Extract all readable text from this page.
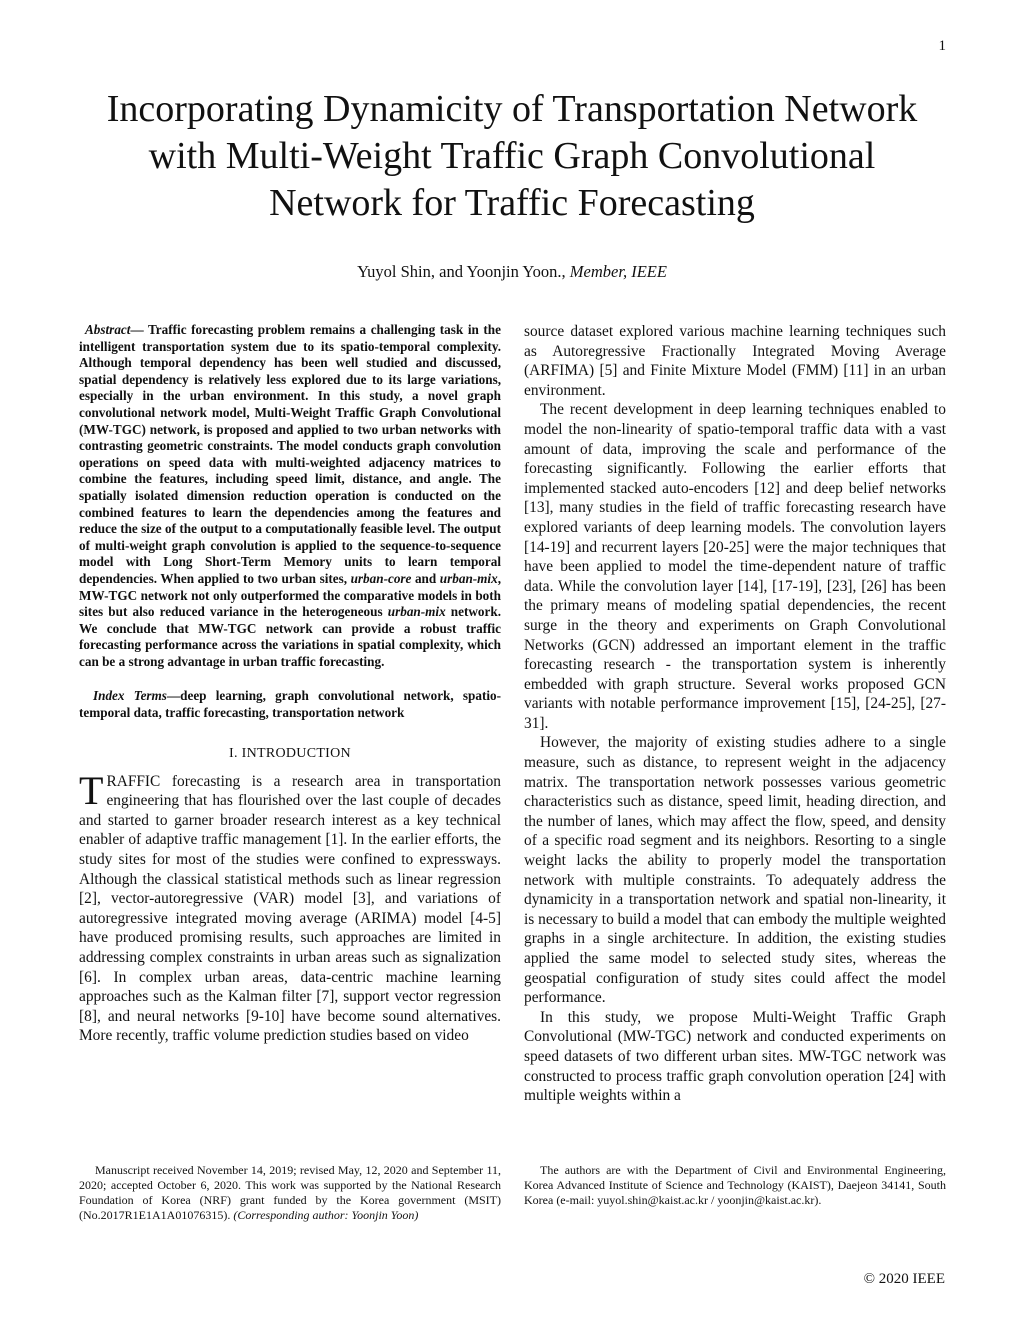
1
Incorporating Dynamicity of Transportation Network with Multi-Weight Traffic Graph Convolutional Network for Traffic Forecasting
Yuyol Shin, and Yoonjin Yoon., Member, IEEE

Abstract— Traffic forecasting problem remains a challenging task in the intelligent transportation system due to its spatio-temporal complexity. Although temporal dependency has been well studied and discussed, spatial dependency is relatively less explored due to its large variations, especially in the urban environment. In this study, a novel graph convolutional network model, Multi-Weight Traffic Graph Convolutional (MW-TGC) network, is proposed and applied to two urban networks with contrasting geometric constraints. The model conducts graph convolution operations on speed data with multi-weighted adjacency matrices to combine the features, including speed limit, distance, and angle. The spatially isolated dimension reduction operation is conducted on the combined features to learn the dependencies among the features and reduce the size of the output to a computationally feasible level. The output of multi-weight graph convolution is applied to the sequence-to-sequence model with Long Short-Term Memory units to learn temporal dependencies. When applied to two urban sites, urban-core and urban-mix, MW-TGC network not only outperformed the comparative models in both sites but also reduced variance in the heterogeneous urban-mix network. We conclude that MW-TGC network can provide a robust traffic forecasting performance across the variations in spatial complexity, which can be a strong advantage in urban traffic forecasting.

Index Terms—deep learning, graph convolutional network, spatio-temporal data, traffic forecasting, transportation network

I. INTRODUCTION

TRAFFIC forecasting is a research area in transportation engineering that has flourished over the last couple of decades and started to garner broader research interest as a key technical enabler of adaptive traffic management [1]. In the earlier efforts, the study sites for most of the studies were confined to expressways. Although the classical statistical methods such as linear regression [2], vector-autoregressive (VAR) model [3], and variations of autoregressive integrated moving average (ARIMA) model [4-5] have produced promising results, such approaches are limited in addressing complex constraints in urban areas such as signalization [6]. In complex urban areas, data-centric machine learning approaches such as the Kalman filter [7], support vector regression [8], and neural networks [9-10] have become sound alternatives. More recently, traffic volume prediction studies based on video

source dataset explored various machine learning techniques such as Autoregressive Fractionally Integrated Moving Average (ARFIMA) [5] and Finite Mixture Model (FMM) [11] in an urban environment.

The recent development in deep learning techniques enabled to model the non-linearity of spatio-temporal traffic data with a vast amount of data, improving the scale and performance of the forecasting significantly. Following the earlier efforts that implemented stacked auto-encoders [12] and deep belief networks [13], many studies in the field of traffic forecasting research have explored variants of deep learning models. The convolution layers [14-19] and recurrent layers [20-25] were the major techniques that have been applied to model the time-dependent nature of traffic data. While the convolution layer [14], [17-19], [23], [26] has been the primary means of modeling spatial dependencies, the recent surge in the theory and experiments on Graph Convolutional Networks (GCN) addressed an important element in the traffic forecasting research - the transportation system is inherently embedded with graph structure. Several works proposed GCN variants with notable performance improvement [15], [24-25], [27-31].

However, the majority of existing studies adhere to a single measure, such as distance, to represent weight in the adjacency matrix. The transportation network possesses various geometric characteristics such as distance, speed limit, heading direction, and the number of lanes, which may affect the flow, speed, and density of a specific road segment and its neighbors. Resorting to a single weight lacks the ability to properly model the transportation network with multiple constraints. To adequately address the dynamicity in a transportation network and spatial non-linearity, it is necessary to build a model that can embody the multiple weighted graphs in a single architecture. In addition, the existing studies applied the same model to selected study sites, whereas the geospatial configuration of study sites could affect the model performance.

In this study, we propose Multi-Weight Traffic Graph Convolutional (MW-TGC) network and conducted experiments on speed datasets of two different urban sites. MW-TGC network was constructed to process traffic graph convolution operation [24] with multiple weights within a

Manuscript received November 14, 2019; revised May, 12, 2020 and September 11, 2020; accepted October 6, 2020. This work was supported by the National Research Foundation of Korea (NRF) grant funded by the Korea government (MSIT) (No.2017R1E1A1A01076315). (Corresponding author: Yoonjin Yoon)

The authors are with the Department of Civil and Environmental Engineering, Korea Advanced Institute of Science and Technology (KAIST), Daejeon 34141, South Korea (e-mail: yuyol.shin@kaist.ac.kr / yoonjin@kaist.ac.kr).

© 2020 IEEE
